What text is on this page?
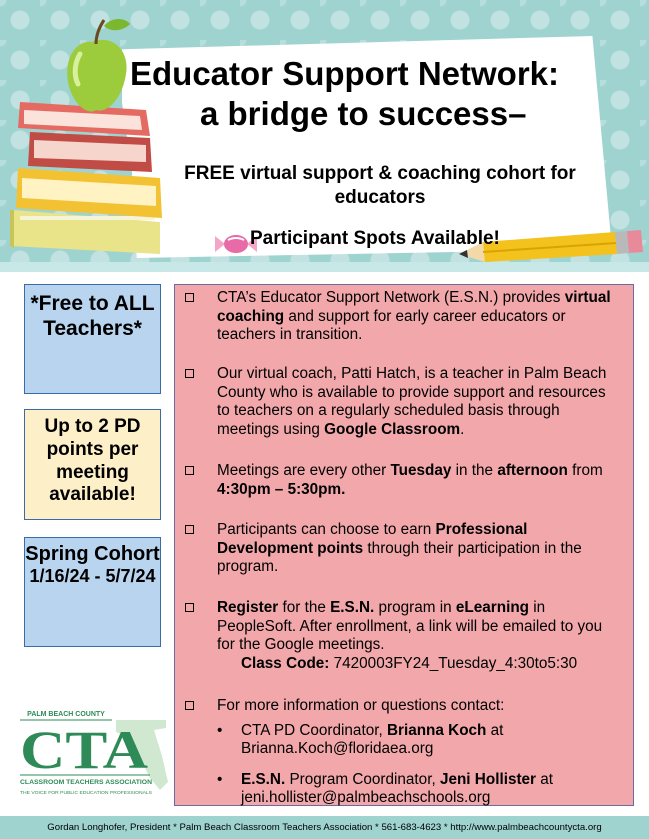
Educator Support Network:
a bridge to success–
FREE virtual support & coaching cohort for educators
Participant Spots Available!
*Free to ALL Teachers*
Up to 2 PD points per meeting available!
Spring Cohort
1/16/24 - 5/7/24
CTA’s Educator Support Network (E.S.N.) provides virtual coaching and support for early career educators or teachers in transition.
Our virtual coach, Patti Hatch, is a teacher in Palm Beach County who is available to provide support and resources to teachers on a regularly scheduled basis through meetings using Google Classroom.
Meetings are every other Tuesday in the afternoon from 4:30pm – 5:30pm.
Participants can choose to earn Professional Development points through their participation in the program.
Register for the E.S.N. program in eLearning in PeopleSoft. After enrollment, a link will be emailed to you for the Google meetings.
Class Code: 7420003FY24_Tuesday_4:30to5:30
For more information or questions contact:
• CTA PD Coordinator, Brianna Koch at
Brianna.Koch@floridaea.org
• E.S.N. Program Coordinator, Jeni Hollister at
jeni.hollister@palmbeachschools.org
PALM BEACH COUNTY
CTA
CLASSROOM TEACHERS ASSOCIATION
THE VOICE FOR PUBLIC EDUCATION PROFESSIONALS
Gordan Longhofer, President * Palm Beach Classroom Teachers Association * 561-683-4623 * http://www.palmbeachcountycta.org
